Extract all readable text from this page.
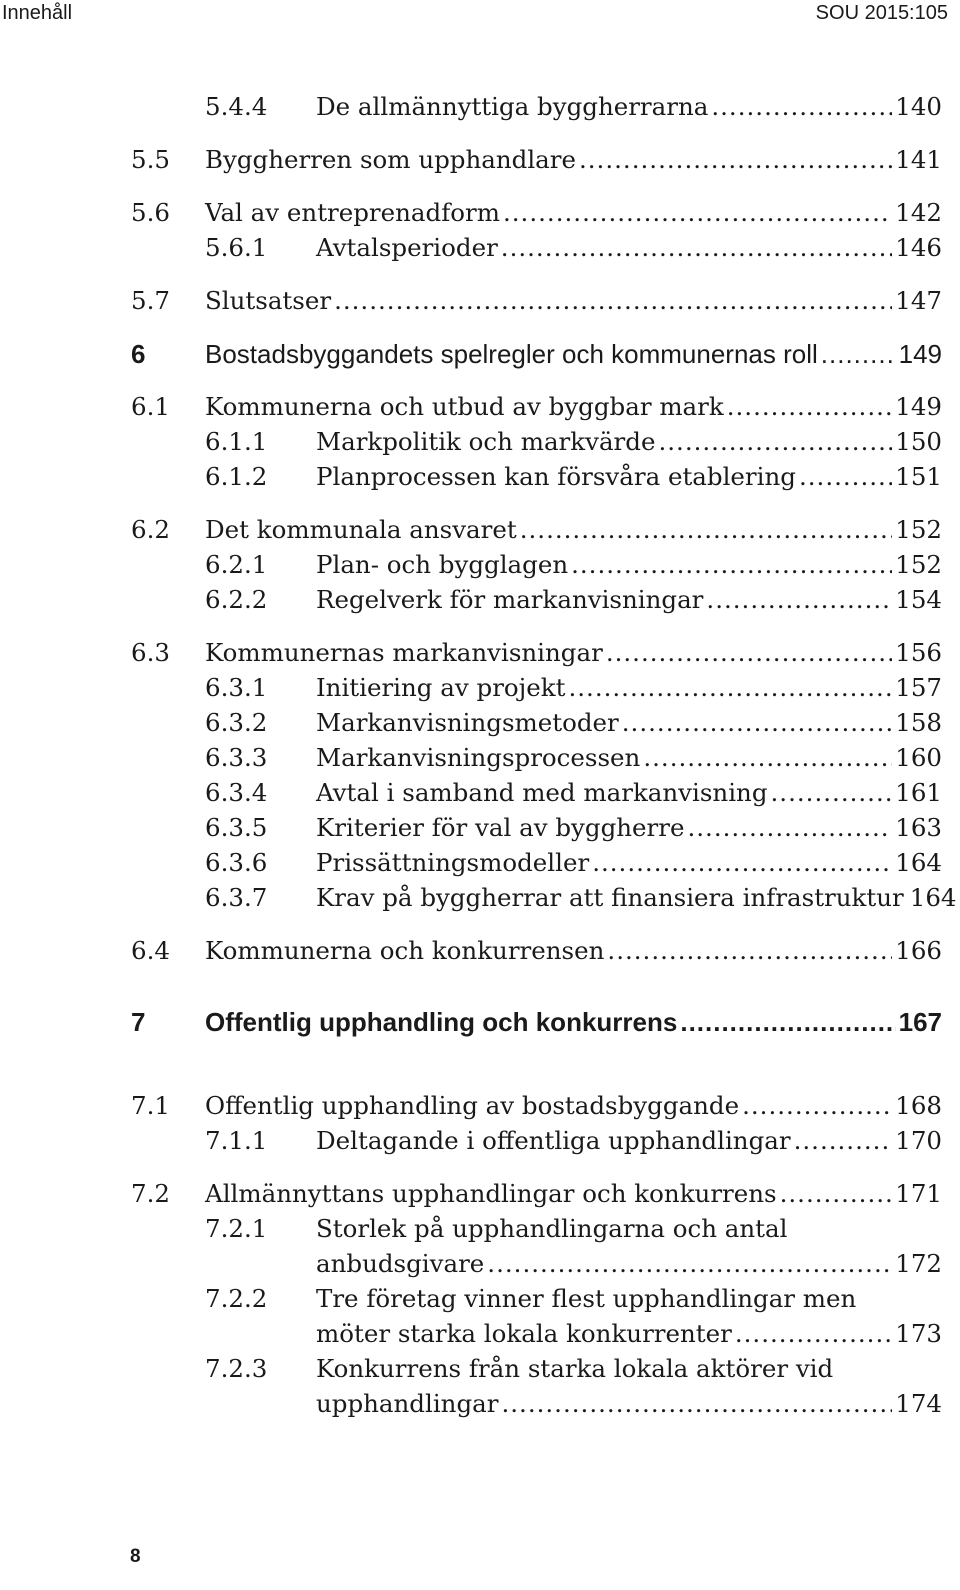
Innehåll	SOU 2015:105
5.4.4 De allmännyttiga byggherrarna .....	140
5.5 Byggherren som upphandlare .....	141
5.6 Val av entreprenadform .....	142
5.6.1 Avtalsperioder .....	146
5.7 Slutsatser .....	147
6 Bostadsbyggandets spelregler och kommunernas roll .....	149
6.1 Kommunerna och utbud av byggbar mark .....	149
6.1.1 Markpolitik och markvärde .....	150
6.1.2 Planprocessen kan försvåra etablering .....	151
6.2 Det kommunala ansvaret .....	152
6.2.1 Plan- och bygglagen .....	152
6.2.2 Regelverk för markanvisningar .....	154
6.3 Kommunernas markanvisningar .....	156
6.3.1 Initiering av projekt .....	157
6.3.2 Markanvisningsmetoder .....	158
6.3.3 Markanvisningsprocessen .....	160
6.3.4 Avtal i samband med markanvisning .....	161
6.3.5 Kriterier för val av byggherre .....	163
6.3.6 Prissättningsmodeller .....	164
6.3.7 Krav på byggherrar att finansiera infrastruktur 164
6.4 Kommunerna och konkurrensen .....	166
7 Offentlig upphandling och konkurrens .....	167
7.1 Offentlig upphandling av bostadsbyggande .....	168
7.1.1 Deltagande i offentliga upphandlingar .....	170
7.2 Allmännyttans upphandlingar och konkurrens .....	171
7.2.1 Storlek på upphandlingarna och antal
anbudsgivare .....	172
7.2.2 Tre företag vinner flest upphandlingar men
möter starka lokala konkurrenter .....	173
7.2.3 Konkurrens från starka lokala aktörer vid
upphandlingar .....	174
8
